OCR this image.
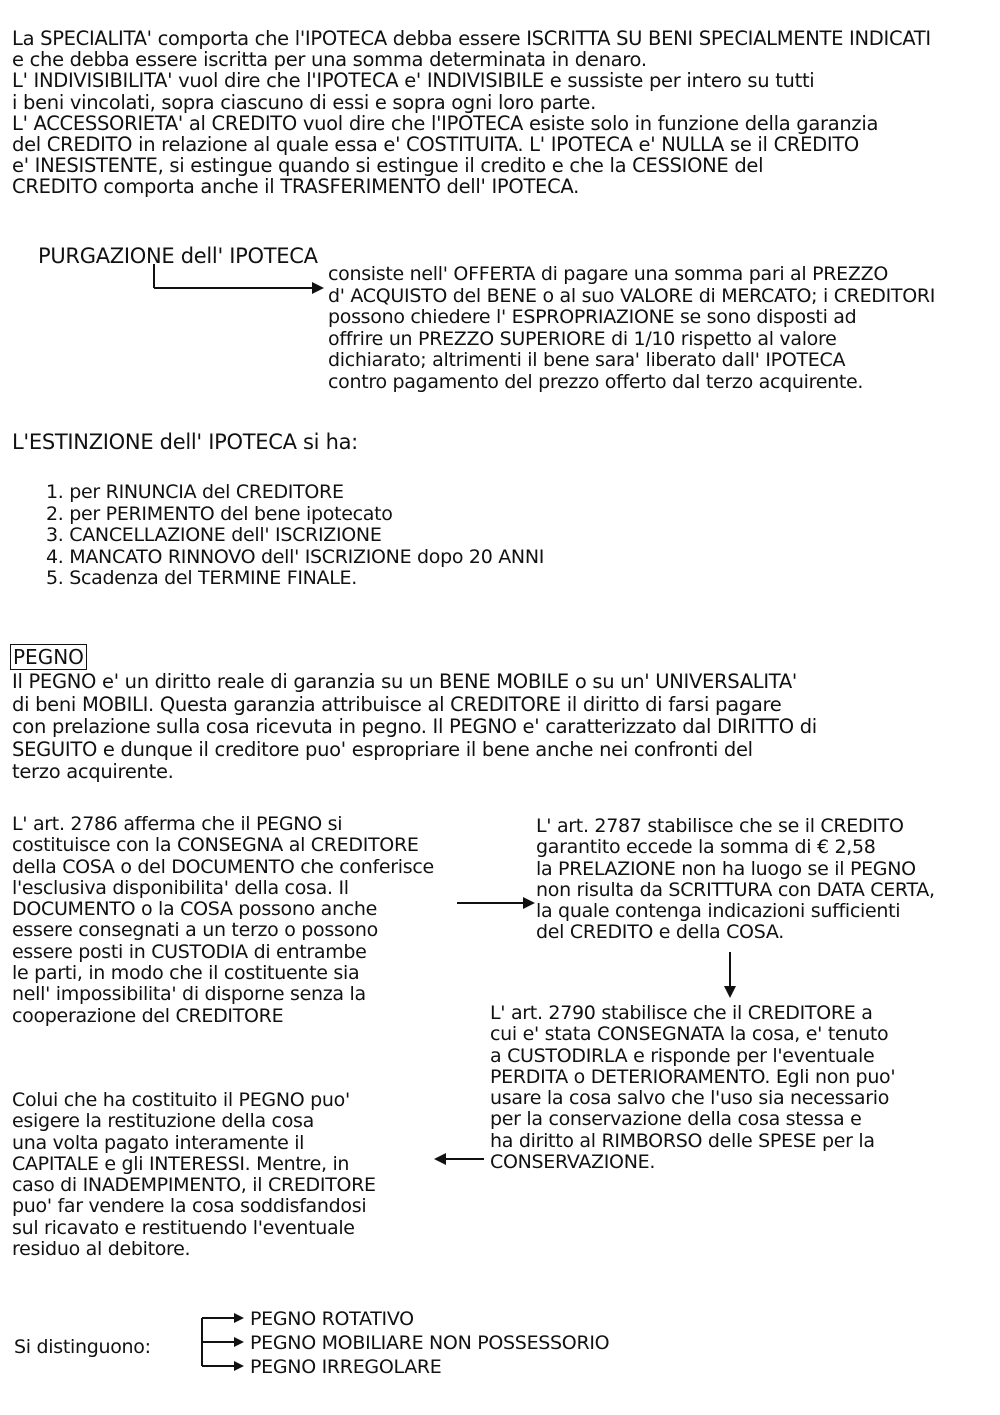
La SPECIALITA' comporta che l'IPOTECA debba essere ISCRITTA SU BENI SPECIALMENTE INDICATI
e che debba essere iscritta per una somma determinata in denaro.
L' INDIVISIBILITA' vuol dire che l'IPOTECA e' INDIVISIBILE e sussiste per intero su tutti
i beni vincolati, sopra ciascuno di essi e sopra ogni loro parte.
L' ACCESSORIETA' al CREDITO vuol dire che l'IPOTECA esiste solo in funzione della garanzia
del CREDITO in relazione al quale essa e' COSTITUITA. L' IPOTECA e' NULLA se il CREDITO
e' INESISTENTE, si estingue quando si estingue il credito e che la CESSIONE del
CREDITO comporta anche il TRASFERIMENTO dell' IPOTECA.
PURGAZIONE dell' IPOTECA
consiste nell' OFFERTA di pagare una somma pari al PREZZO
d' ACQUISTO del BENE o al suo VALORE di MERCATO; i CREDITORI
possono chiedere l' ESPROPRIAZIONE se sono disposti ad
offrire un PREZZO SUPERIORE di 1/10 rispetto al valore
dichiarato; altrimenti il bene sara' liberato dall' IPOTECA
contro pagamento del prezzo offerto dal terzo acquirente.
L'ESTINZIONE dell' IPOTECA si ha:
1. per RINUNCIA del CREDITORE
2. per PERIMENTO del bene ipotecato
3. CANCELLAZIONE dell' ISCRIZIONE
4. MANCATO RINNOVO dell' ISCRIZIONE dopo 20 ANNI
5. Scadenza del TERMINE FINALE.
PEGNO
Il PEGNO e' un diritto reale di garanzia su un BENE MOBILE o su un' UNIVERSALITA'
di beni MOBILI. Questa garanzia attribuisce al CREDITORE il diritto di farsi pagare
con prelazione sulla cosa ricevuta in pegno. Il PEGNO e' caratterizzato dal DIRITTO di
SEGUITO e dunque il creditore puo' espropriare il bene anche nei confronti del
terzo acquirente.
L' art. 2786 afferma che il PEGNO si
costituisce con la CONSEGNA al CREDITORE
della COSA o del DOCUMENTO che conferisce
l'esclusiva disponibilita' della cosa. Il
DOCUMENTO o la COSA possono anche
essere consegnati a un terzo o possono
essere posti in CUSTODIA di entrambe
le parti, in modo che il costituente sia
nell' impossibilita' di disporne senza la
cooperazione del CREDITORE
L' art. 2787 stabilisce che se il CREDITO
garantito eccede la somma di € 2,58
la PRELAZIONE non ha luogo se il PEGNO
non risulta da SCRITTURA con DATA CERTA,
la quale contenga indicazioni sufficienti
del CREDITO e della COSA.
L' art. 2790 stabilisce che il CREDITORE a
cui e' stata CONSEGNATA la cosa, e' tenuto
a CUSTODIRLA e risponde per l'eventuale
PERDITA o DETERIORAMENTO. Egli non puo'
usare la cosa salvo che l'uso sia necessario
per la conservazione della cosa stessa e
ha diritto al RIMBORSO delle SPESE per la
CONSERVAZIONE.
Colui che ha costituito il PEGNO puo'
esigere la restituzione della cosa
una volta pagato interamente il
CAPITALE e gli INTERESSI. Mentre, in
caso di INADEMPIMENTO, il CREDITORE
puo' far vendere la cosa soddisfandosi
sul ricavato e restituendo l'eventuale
residuo al debitore.
Si distinguono:
PEGNO ROTATIVO
PEGNO MOBILIARE NON POSSESSORIO
PEGNO IRREGOLARE
